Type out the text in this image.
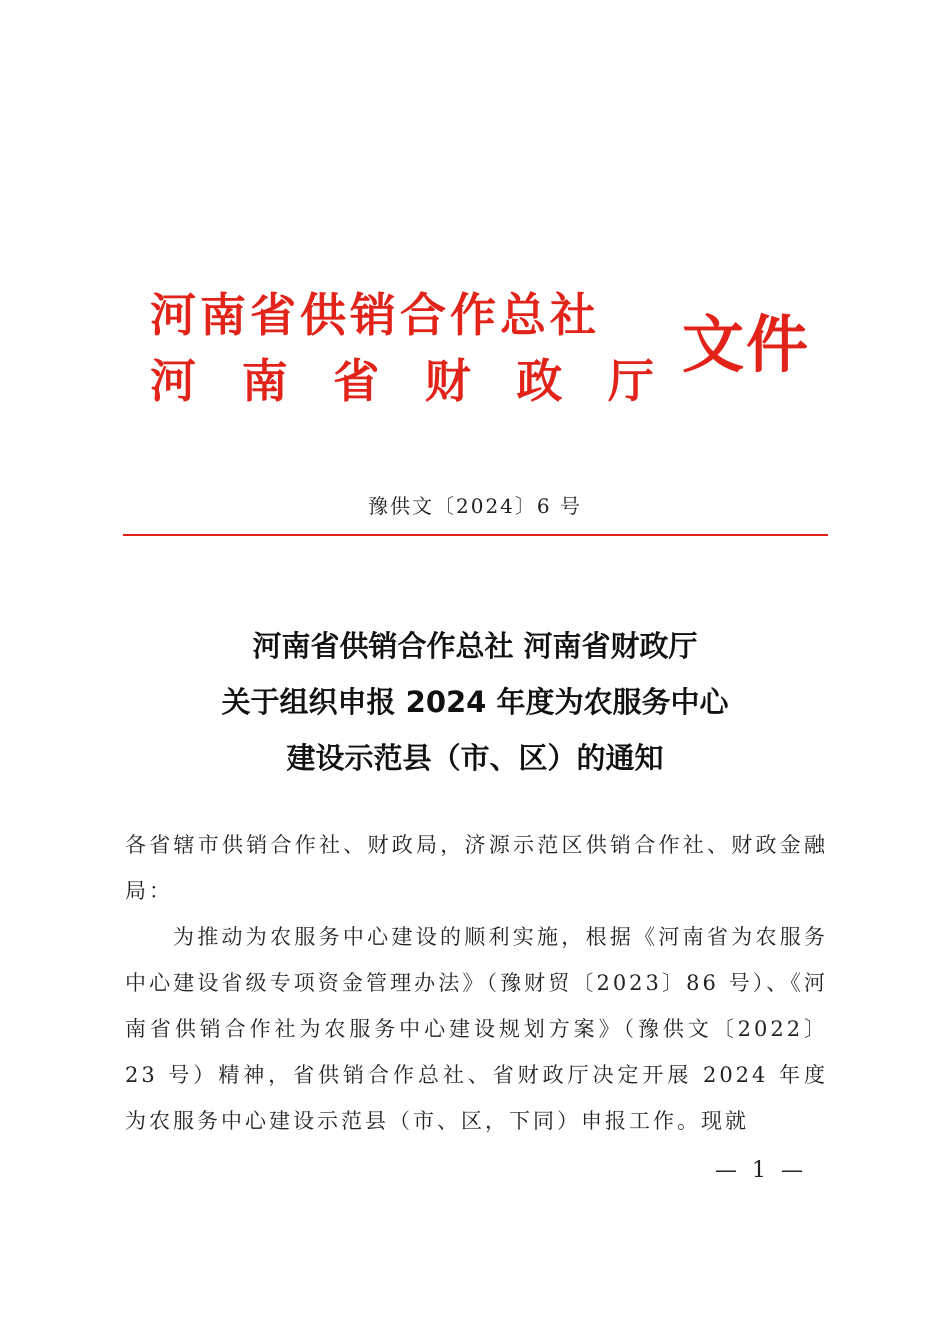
河南省供销合作总社
河 南 省 财 政 厅 文件
豫供文〔2024〕6 号
河南省供销合作总社 河南省财政厅
关于组织申报 2024 年度为农服务中心
建设示范县（市、区）的通知

各省辖市供销合作社、财政局，济源示范区供销合作社、财政金融局：

为推动为农服务中心建设的顺利实施，根据《河南省为农服务中心建设省级专项资金管理办法》（豫财贸〔2023〕86 号）、《河南省供销合作社为农服务中心建设规划方案》（豫供文〔2022〕23 号）精神，省供销合作总社、省财政厅决定开展 2024 年度为农服务中心建设示范县（市、区，下同）申报工作。现就

— 1 —
